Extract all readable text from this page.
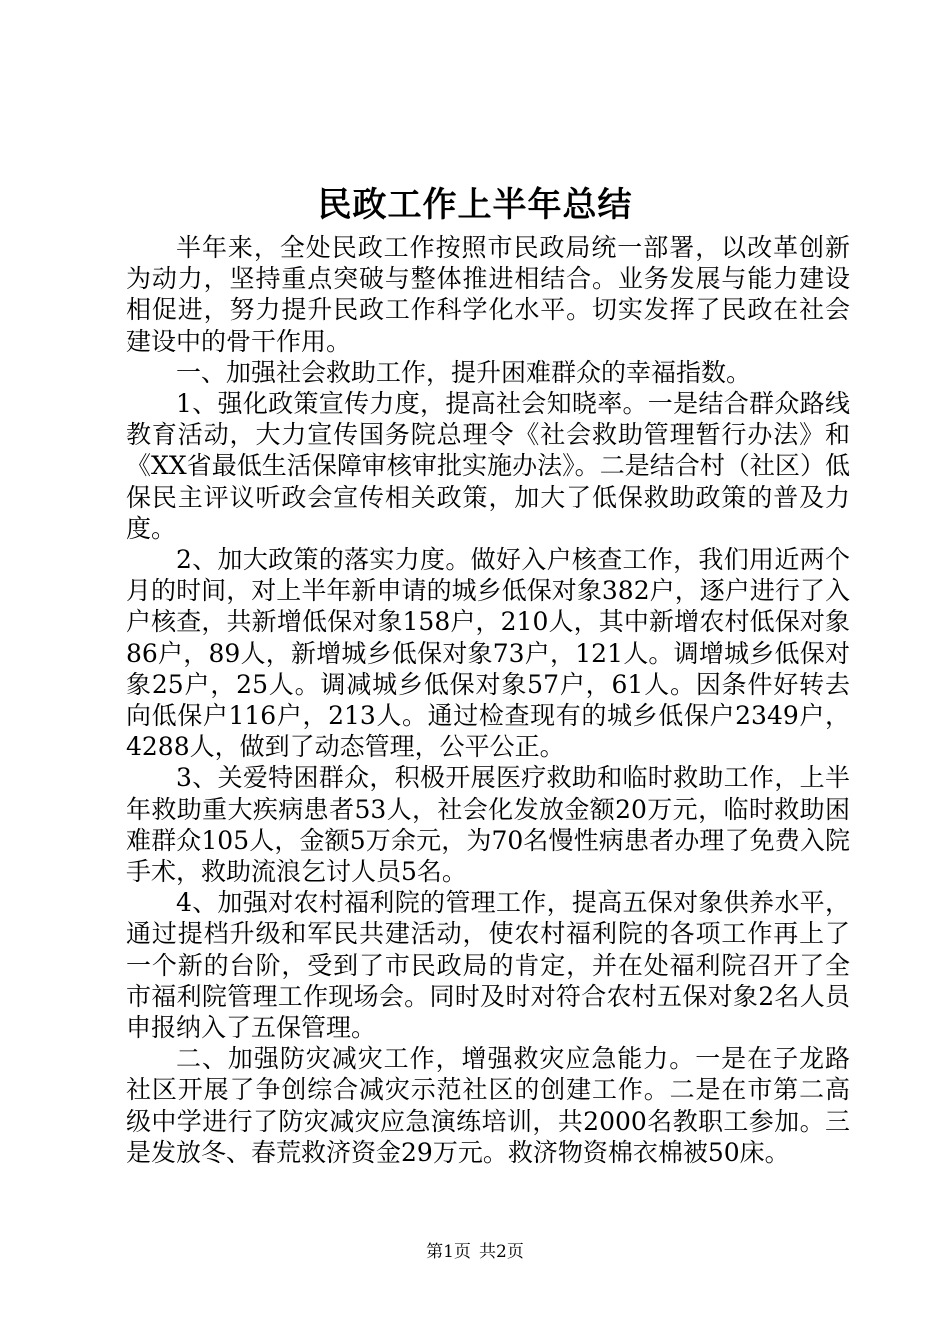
民政工作上半年总结

半年来，全处民政工作按照市民政局统一部署，以改革创新为动力，坚持重点突破与整体推进相结合。业务发展与能力建设相促进，努力提升民政工作科学化水平。切实发挥了民政在社会建设中的骨干作用。

一、加强社会救助工作，提升困难群众的幸福指数。

1、强化政策宣传力度，提高社会知晓率。一是结合群众路线教育活动，大力宣传国务院总理令《社会救助管理暂行办法》和《XX省最低生活保障审核审批实施办法》。二是结合村（社区）低保民主评议听政会宣传相关政策，加大了低保救助政策的普及力度。

2、加大政策的落实力度。做好入户核查工作，我们用近两个月的时间，对上半年新申请的城乡低保对象382户，逐户进行了入户核查，共新增低保对象158户，210人，其中新增农村低保对象86户，89人，新增城乡低保对象73户，121人。调增城乡低保对象25户，25人。调减城乡低保对象57户，61人。因条件好转去向低保户116户，213人。通过检查现有的城乡低保户2349户，4288人，做到了动态管理，公平公正。

3、关爱特困群众，积极开展医疗救助和临时救助工作，上半年救助重大疾病患者53人，社会化发放金额20万元，临时救助困难群众105人，金额5万余元，为70名慢性病患者办理了免费入院手术，救助流浪乞讨人员5名。

4、加强对农村福利院的管理工作，提高五保对象供养水平，通过提档升级和军民共建活动，使农村福利院的各项工作再上了一个新的台阶，受到了市民政局的肯定，并在处福利院召开了全市福利院管理工作现场会。同时及时对符合农村五保对象2名人员申报纳入了五保管理。

二、加强防灾减灾工作，增强救灾应急能力。一是在子龙路社区开展了争创综合减灾示范社区的创建工作。二是在市第二高级中学进行了防灾减灾应急演练培训，共2000名教职工参加。三是发放冬、春荒救济资金29万元。救济物资棉衣棉被50床。

第1页 共2页
